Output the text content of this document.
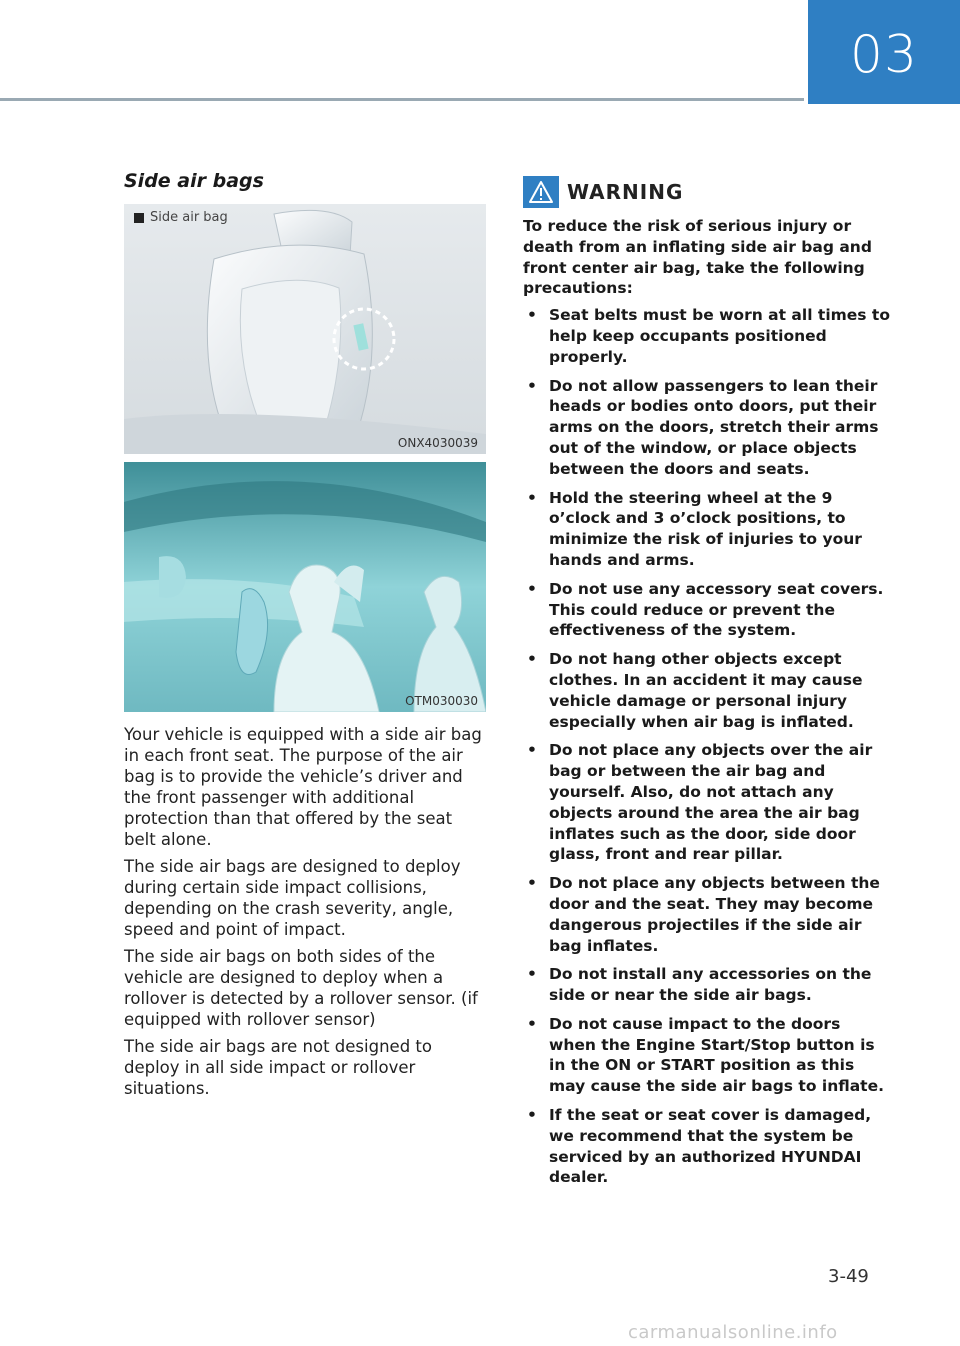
03
Side air bags
Side air bag
ONX4030039
OTM030030

Your vehicle is equipped with a side air bag in each front seat. The purpose of the air bag is to provide the vehicle’s driver and the front passenger with additional protection than that offered by the seat belt alone.

The side air bags are designed to deploy during certain side impact collisions, depending on the crash severity, angle, speed and point of impact.

The side air bags on both sides of the vehicle are designed to deploy when a rollover is detected by a rollover sensor. (if equipped with rollover sensor)

The side air bags are not designed to deploy in all side impact or rollover situations.

WARNING

To reduce the risk of serious injury or death from an inflating side air bag and front center air bag, take the following precautions:

• Seat belts must be worn at all times to help keep occupants positioned properly.
• Do not allow passengers to lean their heads or bodies onto doors, put their arms on the doors, stretch their arms out of the window, or place objects between the doors and seats.
• Hold the steering wheel at the 9 o’clock and 3 o’clock positions, to minimize the risk of injuries to your hands and arms.
• Do not use any accessory seat covers. This could reduce or prevent the effectiveness of the system.
• Do not hang other objects except clothes. In an accident it may cause vehicle damage or personal injury especially when air bag is inflated.
• Do not place any objects over the air bag or between the air bag and yourself. Also, do not attach any objects around the area the air bag inflates such as the door, side door glass, front and rear pillar.
• Do not place any objects between the door and the seat. They may become dangerous projectiles if the side air bag inflates.
• Do not install any accessories on the side or near the side air bags.
• Do not cause impact to the doors when the Engine Start/Stop button is in the ON or START position as this may cause the side air bags to inflate.
• If the seat or seat cover is damaged, we recommend that the system be serviced by an authorized HYUNDAI dealer.
3-49
carmanualsonline.info
